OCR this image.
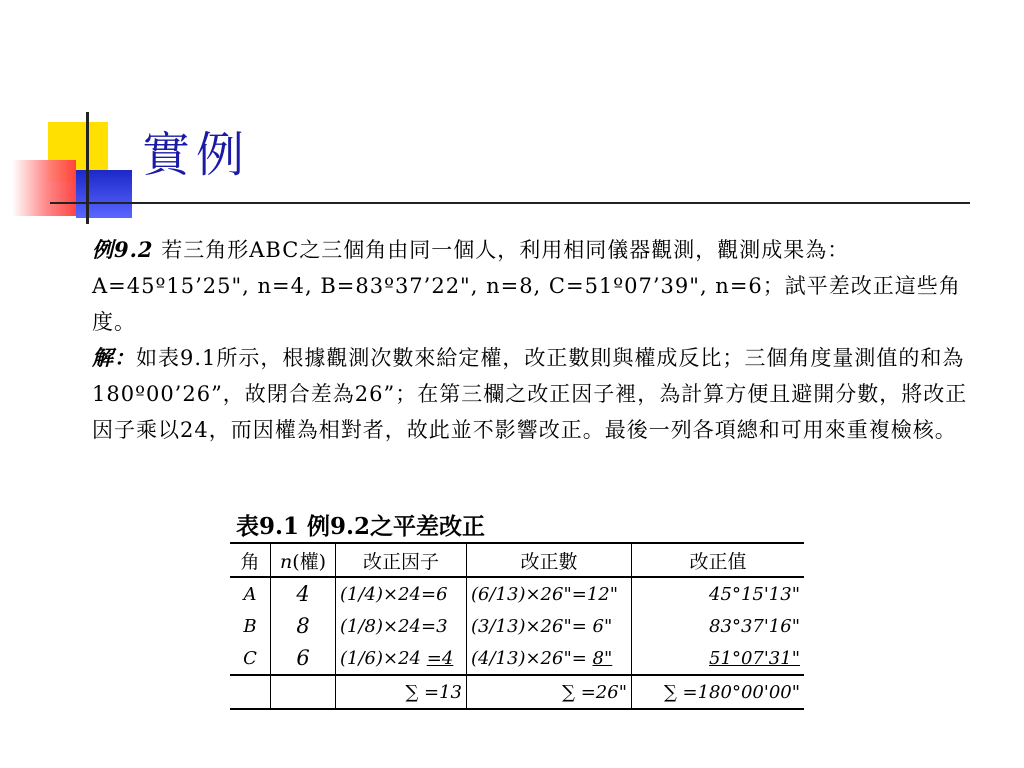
實例

例9.2 若三角形ABC之三個角由同一個人，利用相同儀器觀測，觀測成果為：A=45º15’25", n=4, B=83º37’22", n=8, C=51º07’39", n=6；試平差改正這些角度。

解：如表9.1所示，根據觀測次數來給定權，改正數則與權成反比；三個角度量測值的和為180º00’26”，故閉合差為26”；在第三欄之改正因子裡，為計算方便且避開分數，將改正因子乘以24，而因權為相對者，故此並不影響改正。最後一列各項總和可用來重複檢核。

表9.1 例9.2之平差改正
角	n(權)	改正因子	改正數	改正值
A	4	(1/4)×24=6	(6/13)×26"=12"	45°15'13"
B	8	(1/8)×24=3	(3/13)×26"= 6"	83°37'16"
C	6	(1/6)×24 =4	(4/13)×26"= 8"	51°07'31"
		∑ =13	∑ =26"	∑ =180°00'00"
